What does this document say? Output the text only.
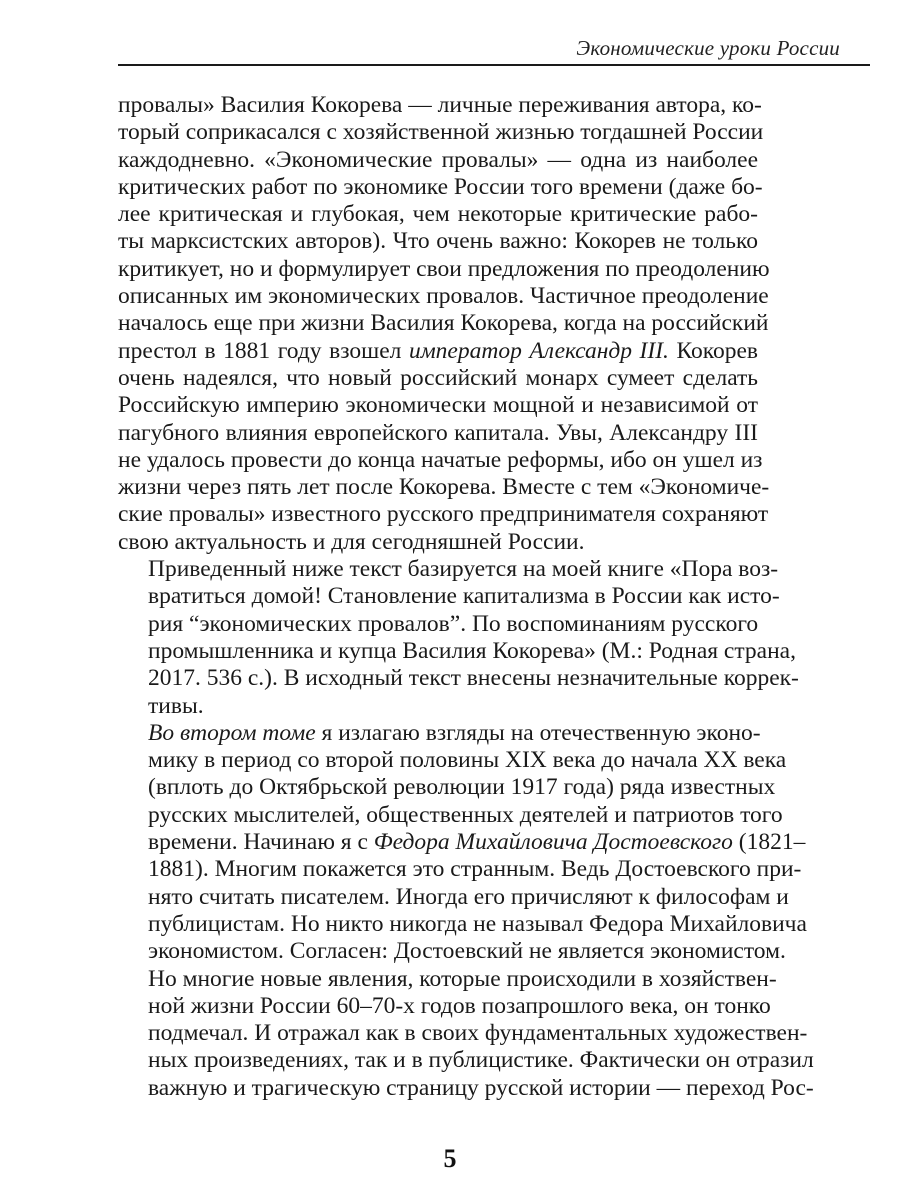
Экономические уроки России

провалы» Василия Кокорева — личные переживания автора, ко-
торый соприкасался с хозяйственной жизнью тогдашней России
каждодневно. «Экономические провалы» — одна из наиболее
критических работ по экономике России того времени (даже бо-
лее критическая и глубокая, чем некоторые критические рабо-
ты марксистских авторов). Что очень важно: Кокорев не только
критикует, но и формулирует свои предложения по преодолению
описанных им экономических провалов. Частичное преодоление
началось еще при жизни Василия Кокорева, когда на российский
престол в 1881 году взошел император Александр III. Кокорев
очень надеялся, что новый российский монарх сумеет сделать
Российскую империю экономически мощной и независимой от
пагубного влияния европейского капитала. Увы, Александру III
не удалось провести до конца начатые реформы, ибо он ушел из
жизни через пять лет после Кокорева. Вместе с тем «Экономиче-
ские провалы» известного русского предпринимателя сохраняют
свою актуальность и для сегодняшней России.

Приведенный ниже текст базируется на моей книге «Пора воз-
вратиться домой! Становление капитализма в России как исто-
рия “экономических провалов”. По воспоминаниям русского
промышленника и купца Василия Кокорева» (М.: Родная страна,
2017. 536 с.). В исходный текст внесены незначительные коррек-
тивы.

Во втором томе я излагаю взгляды на отечественную эконо-
мику в период со второй половины XIX века до начала XX века
(вплоть до Октябрьской революции 1917 года) ряда известных
русских мыслителей, общественных деятелей и патриотов того
времени. Начинаю я с Федора Михайловича Достоевского (1821–
1881). Многим покажется это странным. Ведь Достоевского при-
нято считать писателем. Иногда его причисляют к философам и
публицистам. Но никто никогда не называл Федора Михайловича
экономистом. Согласен: Достоевский не является экономистом.
Но многие новые явления, которые происходили в хозяйствен-
ной жизни России 60–70-х годов позапрошлого века, он тонко
подмечал. И отражал как в своих фундаментальных художествен-
ных произведениях, так и в публицистике. Фактически он отразил
важную и трагическую страницу русской истории — переход Рос-

5
